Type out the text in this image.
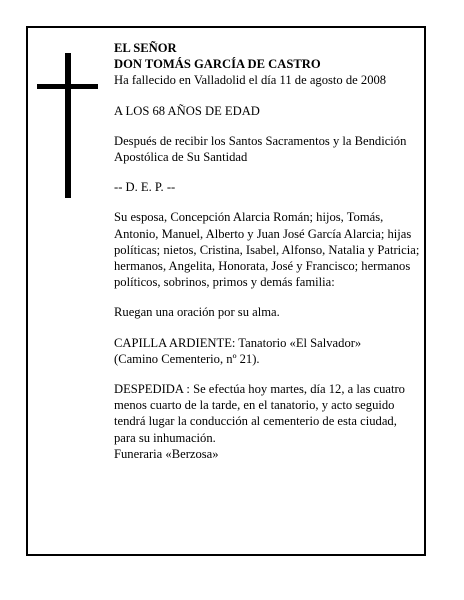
EL SEÑOR

DON TOMÁS GARCÍA DE CASTRO

Ha fallecido en Valladolid el día 11 de agosto de 2008

A LOS 68 AÑOS DE EDAD

Después de recibir los Santos Sacramentos y la Bendición Apostólica de Su Santidad

-- D. E. P. --

Su esposa, Concepción Alarcia Román; hijos, Tomás, Antonio, Manuel, Alberto y Juan José García Alarcia; hijas políticas; nietos, Cristina, Isabel, Alfonso, Natalia y Patricia; hermanos, Angelita, Honorata, José y Francisco; hermanos políticos, sobrinos, primos y demás familia:

Ruegan una oración por su alma.

CAPILLA ARDIENTE: Tanatorio «El Salvador»

(Camino Cementerio, nº 21).

DESPEDIDA : Se efectúa hoy martes, día 12, a las cuatro menos cuarto de la tarde, en el tanatorio, y acto seguido tendrá lugar la conducción al cementerio de esta ciudad, para su inhumación.

Funeraria «Berzosa»
